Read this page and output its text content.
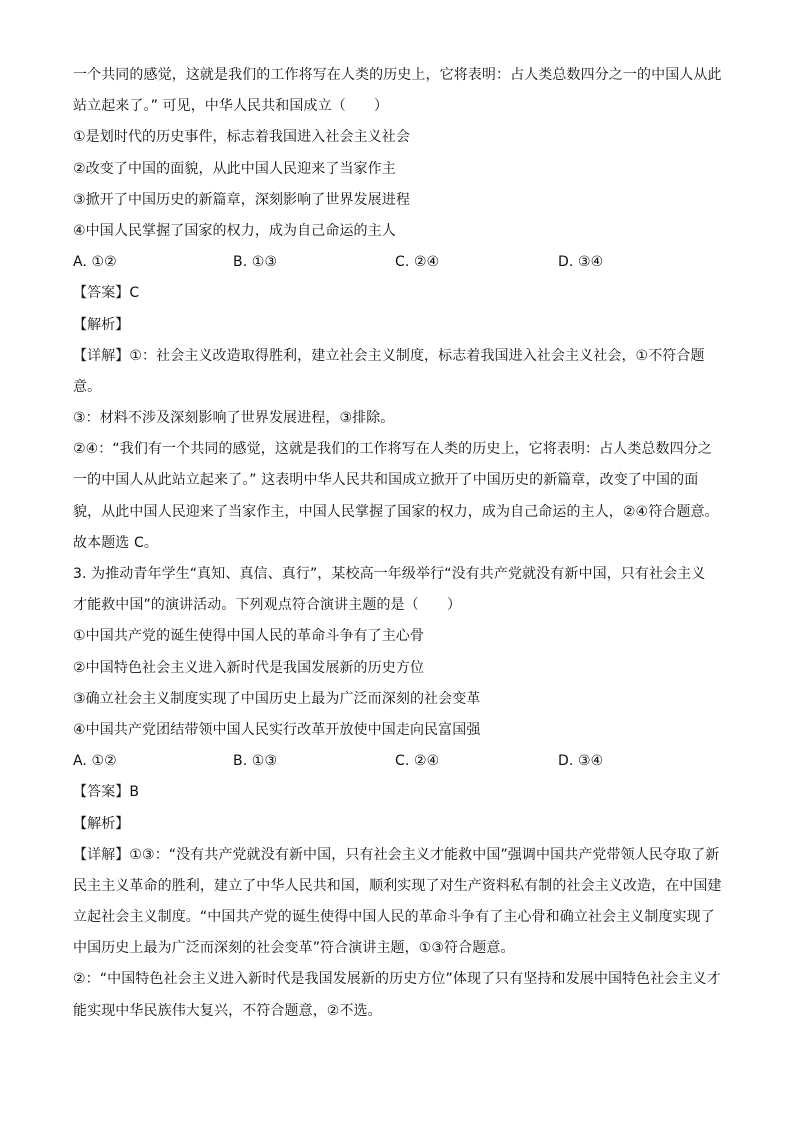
一个共同的感觉，这就是我们的工作将写在人类的历史上，它将表明：占人类总数四分之一的中国人从此
站立起来了。” 可见，中华人民共和国成立（　　）
①是划时代的历史事件，标志着我国进入社会主义社会
②改变了中国的面貌，从此中国人民迎来了当家作主
③掀开了中国历史的新篇章，深刻影响了世界发展进程
④中国人民掌握了国家的权力，成为自己命运的主人
A. ①②	B. ①③	C. ②④	D. ③④
【答案】C
【解析】
【详解】①：社会主义改造取得胜利，建立社会主义制度，标志着我国进入社会主义社会，①不符合题
意。
③：材料不涉及深刻影响了世界发展进程，③排除。
②④：“我们有一个共同的感觉，这就是我们的工作将写在人类的历史上，它将表明：占人类总数四分之
一的中国人从此站立起来了。” 这表明中华人民共和国成立掀开了中国历史的新篇章，改变了中国的面
貌，从此中国人民迎来了当家作主，中国人民掌握了国家的权力，成为自己命运的主人，②④符合题意。
故本题选 C。
3. 为推动青年学生“真知、真信、真行”，某校高一年级举行“没有共产党就没有新中国，只有社会主义
才能救中国”的演讲活动。下列观点符合演讲主题的是（　　）
①中国共产党的诞生使得中国人民的革命斗争有了主心骨
②中国特色社会主义进入新时代是我国发展新的历史方位
③确立社会主义制度实现了中国历史上最为广泛而深刻的社会变革
④中国共产党团结带领中国人民实行改革开放使中国走向民富国强
A. ①②	B. ①③	C. ②④	D. ③④
【答案】B
【解析】
【详解】①③：“没有共产党就没有新中国，只有社会主义才能救中国”强调中国共产党带领人民夺取了新
民主主义革命的胜利，建立了中华人民共和国，顺利实现了对生产资料私有制的社会主义改造，在中国建
立起社会主义制度。“中国共产党的诞生使得中国人民的革命斗争有了主心骨和确立社会主义制度实现了
中国历史上最为广泛而深刻的社会变革”符合演讲主题，①③符合题意。
②：“中国特色社会主义进入新时代是我国发展新的历史方位”体现了只有坚持和发展中国特色社会主义才
能实现中华民族伟大复兴，不符合题意，②不选。
